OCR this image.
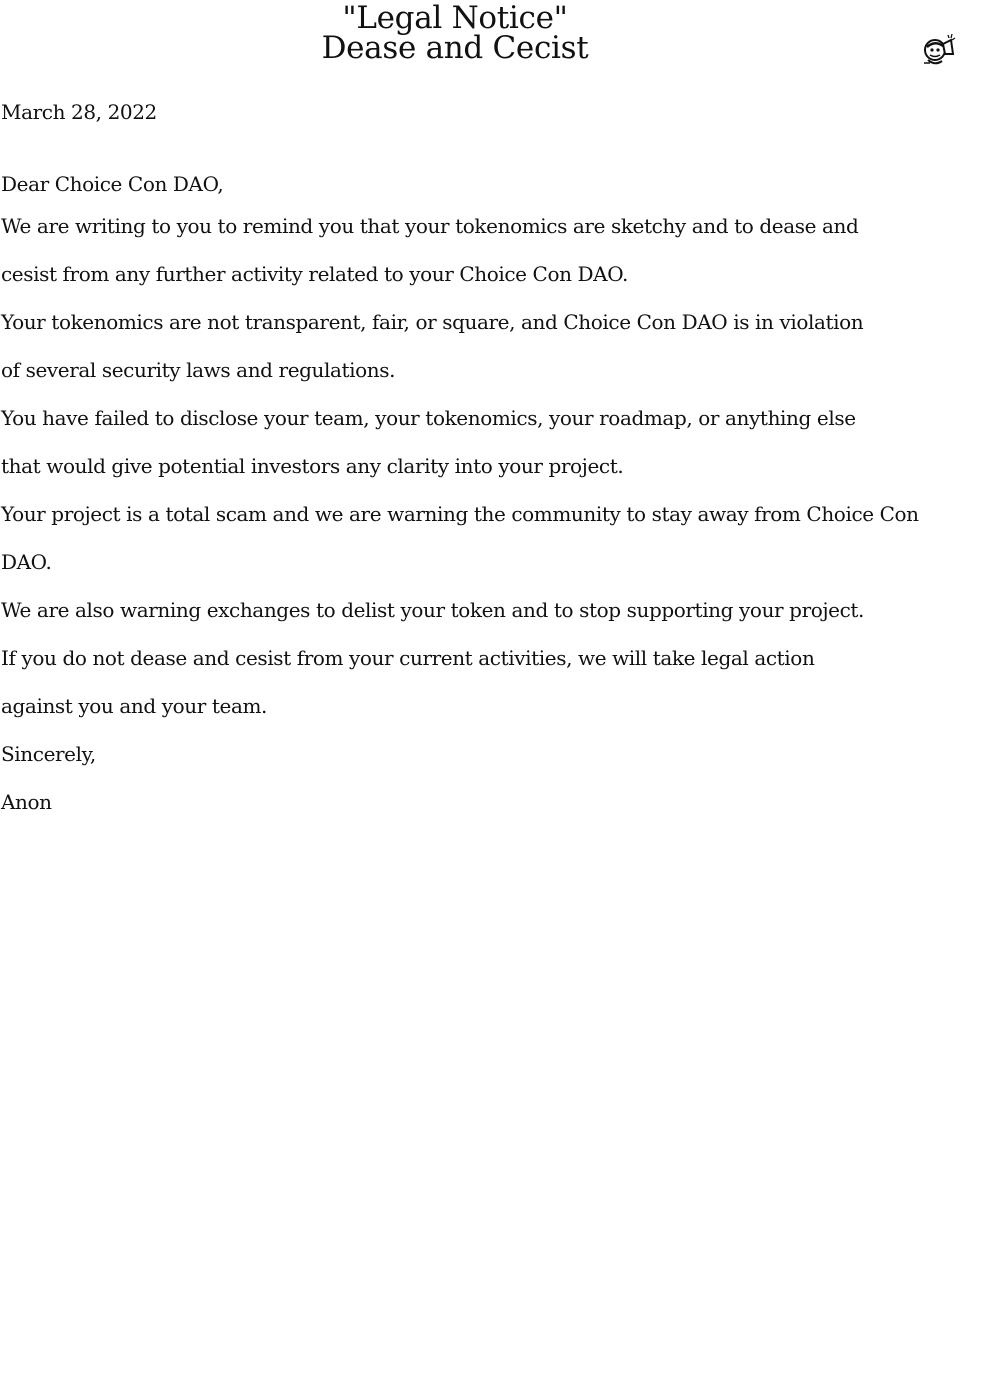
"Legal Notice"
Dease and Cecist
March 28, 2022
Dear Choice Con DAO,
We are writing to you to remind you that your tokenomics are sketchy and to dease and
cesist from any further activity related to your Choice Con DAO.
Your tokenomics are not transparent, fair, or square, and Choice Con DAO is in violation
of several security laws and regulations.
You have failed to disclose your team, your tokenomics, your roadmap, or anything else
that would give potential investors any clarity into your project.
Your project is a total scam and we are warning the community to stay away from Choice Con
DAO.
We are also warning exchanges to delist your token and to stop supporting your project.
If you do not dease and cesist from your current activities, we will take legal action
against you and your team.
Sincerely,
Anon
